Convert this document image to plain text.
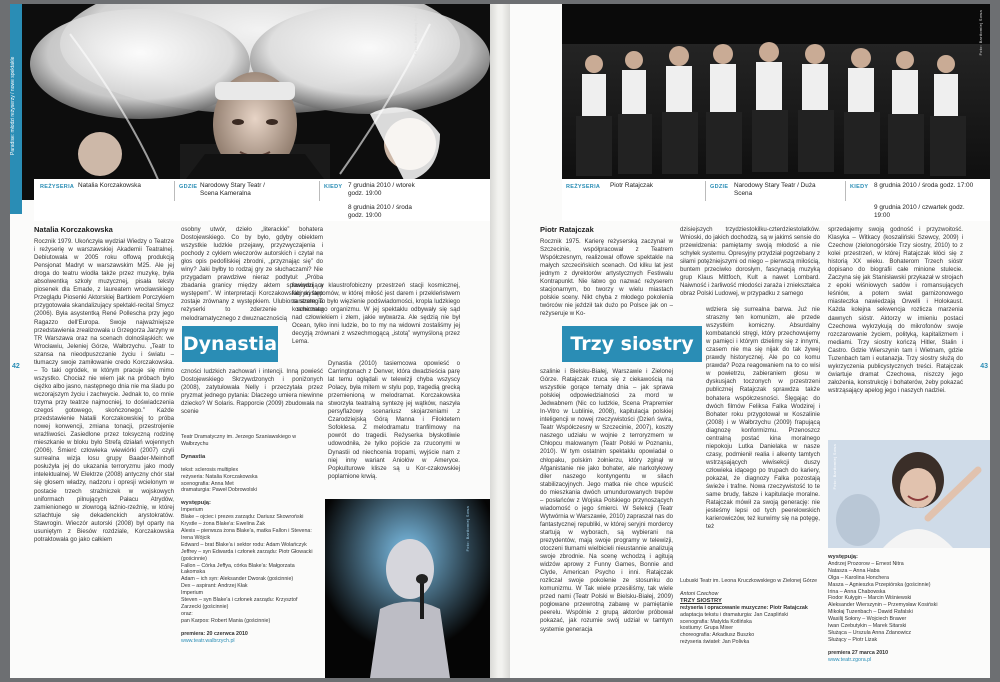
Paradise: młodzi reżyserzy / nowe spektakle
Foto: Bartłomiej Sowa
REŻYSERIA Natalia Korczakowska	GDZIE Narodowy Stary Teatr / Scena Kameralna
KIEDY 7 grudnia 2010 / wtorek godz. 19:00
8 grudnia 2010 / środa godz. 19:00
Natalia Korczakowska

Rocznik 1979. Ukończyła wydział Wiedzy o Teatrze i reżyserię w warszawskiej Akademii Teatralnej. Debiutowała w 2005 roku offową produkcją Pensjonat Madryt w warszawskim M25. Ale jej droga do teatru wiodła także przez muzykę, była absolwentką szkoły muzycznej, pisała teksty piosenek dla Emade, z laureatem wrocławskiego Przeglądu Piosenki Aktorskiej Bartkiem Porczykiem przygotowała skandalizujący spektakl-recital Smycz (2006). Była asystentką René Pollescha przy jego Ragazzo dell'Europa. Swoje najważniejsze przedstawienia zrealizowała u Grzegorza Jarzyny w TR Warszawa oraz na scenach dolnośląskich: we Wrocławiu, Jeleniej Górze, Wałbrzychu. „Teatr to szansa na nieodpuszczanie życiu i światu – tłumaczy swoje zamiłowanie credo Korczakowska. – To taki ogródek, w którym pracuje się mimo wszystko. Chociaż nie wiem jak na próbach było ciężko albo jasno, następnego dnia nie ma śladu po wczorajszym życiu i zachwycie. Jednak to, co mnie trzyma przy teatrze najmocniej, to doświadczenia czegoś gotowego, skończonego.” Każde przedstawienie Natalii Korczakowskiej to próba nowej konwencji, zmiana tonacji, przestrojenie wrażliwości. Zasiedlone przez toksyczną rodzinę mieszkanie w bloku było Strefą działań wojennych (2006). Śmierć człowieka wiewiórki (2007) czyli surrealna wizja losu grupy Baader-Meinhoff posłużyła jej do ukazania terroryzmu jako mody intelektualnej. W Elektrze (2008) antyczny chór stał się głosem władzy, nadzoru i opresji wcielonym w postacie trzech strażniczek w wojskowych uniformach pilnujących Pałacu Atrydów, zamienionego w złowrogą łaźnio-rzeźnię, w której szlachtuje się dekadenckich arystokratów. Stawrogin. Wieczór autorski (2008) był oparty na usuniętym z Biesów rozdziale, Korczakowska potraktowała go jako całkiem

osobny utwór, dzieło „literackie” bohatera Dostojewskiego. Co by było, gdyby obiektem wszystkie ludzkie przejawy, przyzwyczajenia i pochody z cyklem wieczorów autorskich i czytał na głos opis pedofilskiej zbrodni, „przyznając się” do winy? Jaki byłby to rodzaj gry ze słuchaczami? Nie przygadam prawdziwe nieraz podtytuł: „Próba zbadania granicy między aktem spowiedzi a występem”. W interpretacji Korczakowskiej występ zostaje zrównany z występkiem. Ulubiona strategia reżyserki to zderzenie schematu melodramatycznego z dwuznacznością

Dynastia

czności ludzkich zachowań i intencji. Inną powieść Dostojewskiego Skrzywdzonych i poniżonych (2008), zatytułowała Nelly i przeczytała przez pryzmat jednego pytania: Dlaczego umiera niewinne dziecko? W Solaris. Rapporcie (2009) zbudowała na scenie

fascynujący klaustrofobiczny przestrzeń stacji kosmicznej, fabryki fantomów, w której miłość jest darem i przekleństwem zarazem. To było więzienie podświadomości, kropla ludzkiego kosmicznego organizmu. W jej spektaklu odbywały się sąd nad człowiekiem i złem, jakie wytwarza. Ale sędzią nie był Ocean, tylko inni ludzie, bo to my na widowni zostaliśmy jej decyzją zrównani z wszechmogącą „istotą” wymyśloną przez Lema.

Dynastia (2010) tasiemcowa opowieść o Carringtonach z Denver, która dwadzieścia parę lat temu ogłądali w telewizji chyba wszyscy Polacy, była mitem w stylu pop, tragedią grecką przemienioną w melodramat. Korczakowska stworzyła teatralną syntezę jej wątków, naszyła persyflażowy scenariusz skojarzeniami z Czarodziejską Górą Manna i Filoktetem Sofoklesa. Z melodramatu tranfilmowy na powrót do tragedii. Reżyserka błyskotliwie udowodniła, że tylko pojście za rzuconymi w Dynastii od niechcenia tropami, wyjście nam z niej inny wariant Aniołów w Ameryce. Popkulturowe klisze są u Kor-czakowskiej poplamione krwią.

Teatr Dramatyczny im. Jerzego Szaniawskiego w Wałbrzychu
Dynastia
tekst: sclerosis multiplex
reżyseria: Natalia Korczakowska
scenografia: Anna Met
dramaturgia: Paweł Dobrowolski
występują:
Imperium
Blake – ojciec i prezes zarządu: Dariusz Skowroński
Krystle – żona Blake'a: Ewelina Żak
Alexis – pierwsza żona Blake'a, matka Fallon i Stevena: Irena Wójcik
Edward – brat Blake'a i sektor rodu: Adam Wolańczyk
Jeffrey – syn Edwarda i członek zarządu: Piotr Głowacki (gościnnie)
Fallon – Córka Jeffya, córka Blake'a: Małgorzata Łakomska
Adam – ich syn: Aleksander Dworak (gościnnie)
Dex – aspirant: Andrzej Kłak
Imperium
Steven – syn Blake'a i członek zarządu: Krzysztof Zarzecki (gościnnie)
oraz:
pan Karpos: Robert Mania (gościnnie)
premiera: 20 czerwca 2010
www.teatr.walbrzych.pl
Foto: Bartłomiej Sowa
42
Foto: Bartłomiej Sowa
REŻYSERIA Piotr Ratajczak	GDZIE Narodowy Stary Teatr / Duża Scena
KIEDY 8 grudnia 2010 / środa godz. 17:00
9 grudnia 2010 / czwartek godz. 19:00
Piotr Ratajczak

Rocznik 1975. Karierę reżyserską zaczynał w Szczecinie, współpracował z Teatrem Współczesnym, realizował offowe spektakle na małych szczecińskich scenach. Od kilku lat jest jednym z dyrektorów artystycznych Festiwalu Kontrapunkt. Nie łatwo go nazwać reżyserem stacjonarnym, bo tworzy w wielu miastach polskie sceny. Nikt chyba z młodego pokolenia twórców nie jeździł tak dużo po Polsce jak on – reżyseruje w Ko-

Trzy siostry

szalinie i Bielsku-Białej, Warszawie i Zielonej Górze. Ratajczak rzuca się z ciekawością na wszystkie gorące tematy dnia – jak sprawa polskiej odpowiedzialności za mord w Jedwabnem (Nic co ludzkie, Scena Prapremier In-Vitro w Lublinie, 2008), kapitulacja polskiej inteligencji w nowej rzeczywistości (Dzień świra, Teatr Współczesny w Szczecinie, 2007), koszty naszego udziału w wojnie z terroryzmem w Chłopcu malowanym (Teatr Polski w Poznaniu, 2010). W tym ostatnim spektaklu opowiadał o chłopaku, polskim żołnierzu, który zginął w Afganistanie nie jako bohater, ale narkotykowy diler naszego kontyngentu w silach stabilizacyjnych. Jego matka nie chce wpuścić do mieszkania dwóch umundurowanych trepów – posłańców z Wojska Polskiego przynoszących wiadomość o jego śmierci. W Selekcji (Teatr Wytwórnia w Warszawie, 2010) zapraszał nas do fantastycznej republiki, w której seryjni mordercy startują w wyborach, są wybierani na prezydentów, mają swoje programy w telewizji, otoczeni tłumami wielbicieli nieustannie analizują swoje zbrodnie. Na scenę wchodzą i agitują widzów aprowy z Funny Games, Bonnie and Clyde, American Psycho i inni. Ratajczak rozliczał swoje pokolenie ze stosunku do komunizmu. W Tak wiele przesiliśmy, tak wiele przed nami (Teatr Polski w Bielsku-Białej, 2009) pogłowane przewrotną zabawę w pamiętanie peerelu. Wspólnie z grupą aktorów próbował pokazać, jak rozumie swój udział w tamtym systemie generacja

dzisiejszych trzydziestokilku-czterdziestolatków. Wnioski, do jakich dochodzą, są w jakimś sensie do przewidzenia: pamiętamy swoją młodość a nie schyłek systemu. Opresyjny przydział pogrzebany z siłami potężniejszymi od niego – pierwszą miłością, buntem przeciwko dorosłym, fascynacją muzyką grup Klaus Mittfoch, Kult a nawet Lombard. Naiwność i żarliwość młodości zaraża i zniekształca obraz Polski Ludowej, w przypadku z samego

wdziera się surrealna barwa. Już nie straszny ten komunizm, ale przede wszystkim komiczny. Absurdalny kombatancki stręgi, który przechowujemy w pamięci i którym dzielimy się z innymi, czasem nie ma się nijak do tak żywej prawdy historycznej. Ale po co komu prawda? Poza reagowaniem na to co wisi w powietrzu, zabieraniem głosu w dyskusjach toczonych w przestrzeni publicznej Ratajczak sprawdza także bohatera współczesności. Ślęgając do dwóch filmów Feliksa Falka Wodzirej i Bohater roku przygotował w Koszalinie (2008) i w Wałbrzychu (2009) frapującą diagnozę konformizmu. Przenoszcz centralną postać kina moralnego niepokoju Lutka Danielaka w nasze czasy, podmienił realia i alkenty tamtych wstrząsających wiwisekcji duszy człowieka idącego po trupach do kariery, pokazał, że diagnozy Falka pozostają świeże i trafne. Nowa rzeczywistość to te same brudy, fałsze i kapitulacje moralne. Ratajczak mówił za swoją generację: nie jesteśmy lepsi od tych peerelowskich karierowiczów, też kurwimy się na potęgę, też

sprzedajemy swoją godność i przyzwoitość. Klasyka – Witkacy (koszaliński Szewcy, 2009) i Czechow (zielonogórskie Trzy siostry, 2010) to z kolei przestrzeń, w której Ratajczak kłóci się z historią XX wieku. Bohaterom Trzech sióstr dopisano do biografii całe minione stulecie. Zaczyna się jak Stanisławski przykazał w strojach z epoki wiśniowych sadów i romansujących leśniów, a potem swiat garnizonowego miasteczka nawiedzają Orwelli i Holokaust. Każda kolejna sekwencja rozlicza marzenia dawnych sióstr. Aktorzy w imieniu postaci Czechowa wykrzykują do mikrofonów swoje rozczarowanie życiem, polityką, kapitalizmem i mediami. Trzy siostry kończą Hitler, Stalin i Castro. Gdzie Wierszynin tam i Wietnam, gdzie Tuzenbach tam i eutanazja. Trzy siostry służą do wykrzyczenia publicystycznych treści. Ratajczak ćwiartuje dramat Czechowa, niszczy jego założenia, konstrukcję i bohaterów, żeby pokazać wstrząsający apelog jego i naszych nadziei.

Foto: Bartłomiej Sowa
Lubuski Teatr im. Leona Kruczkowskiego w Zielonej Górze
Antoni Czechow
TRZY SIOSTRY
reżyseria i opracowanie muzyczne: Piotr Ratajczak
adaptacja tekstu i dramaturgia: Jan Czapliński
scenografia: Matylda Kotlińska
kostiumy: Grupa Mixer
choreografia: Arkadiusz Buszko
reżyseria świateł: Jan Polivka
występują:
Andrzej Prozorow – Ernest Nitra
Natasza – Anna Haba
Olga – Karolina Honchera
Masza – Agnieszka Przepiórska (gościnnie)
Irina – Anna Chabowska
Fiodor Kułygin – Marcin Wiśniewski
Aleksander Wierszynin – Przemysław Kosiński
Mikołaj Tuzenbach – Dawid Rafalski
Wasilij Sołony – Wojciech Brawer
Iwan Czebutykin – Marek Sitarski
Służąca – Urszula Anna Zdanowicz
Służący – Piotr Lizak
premiera 27 marca 2010
www.teatr.zgora.pl
43
